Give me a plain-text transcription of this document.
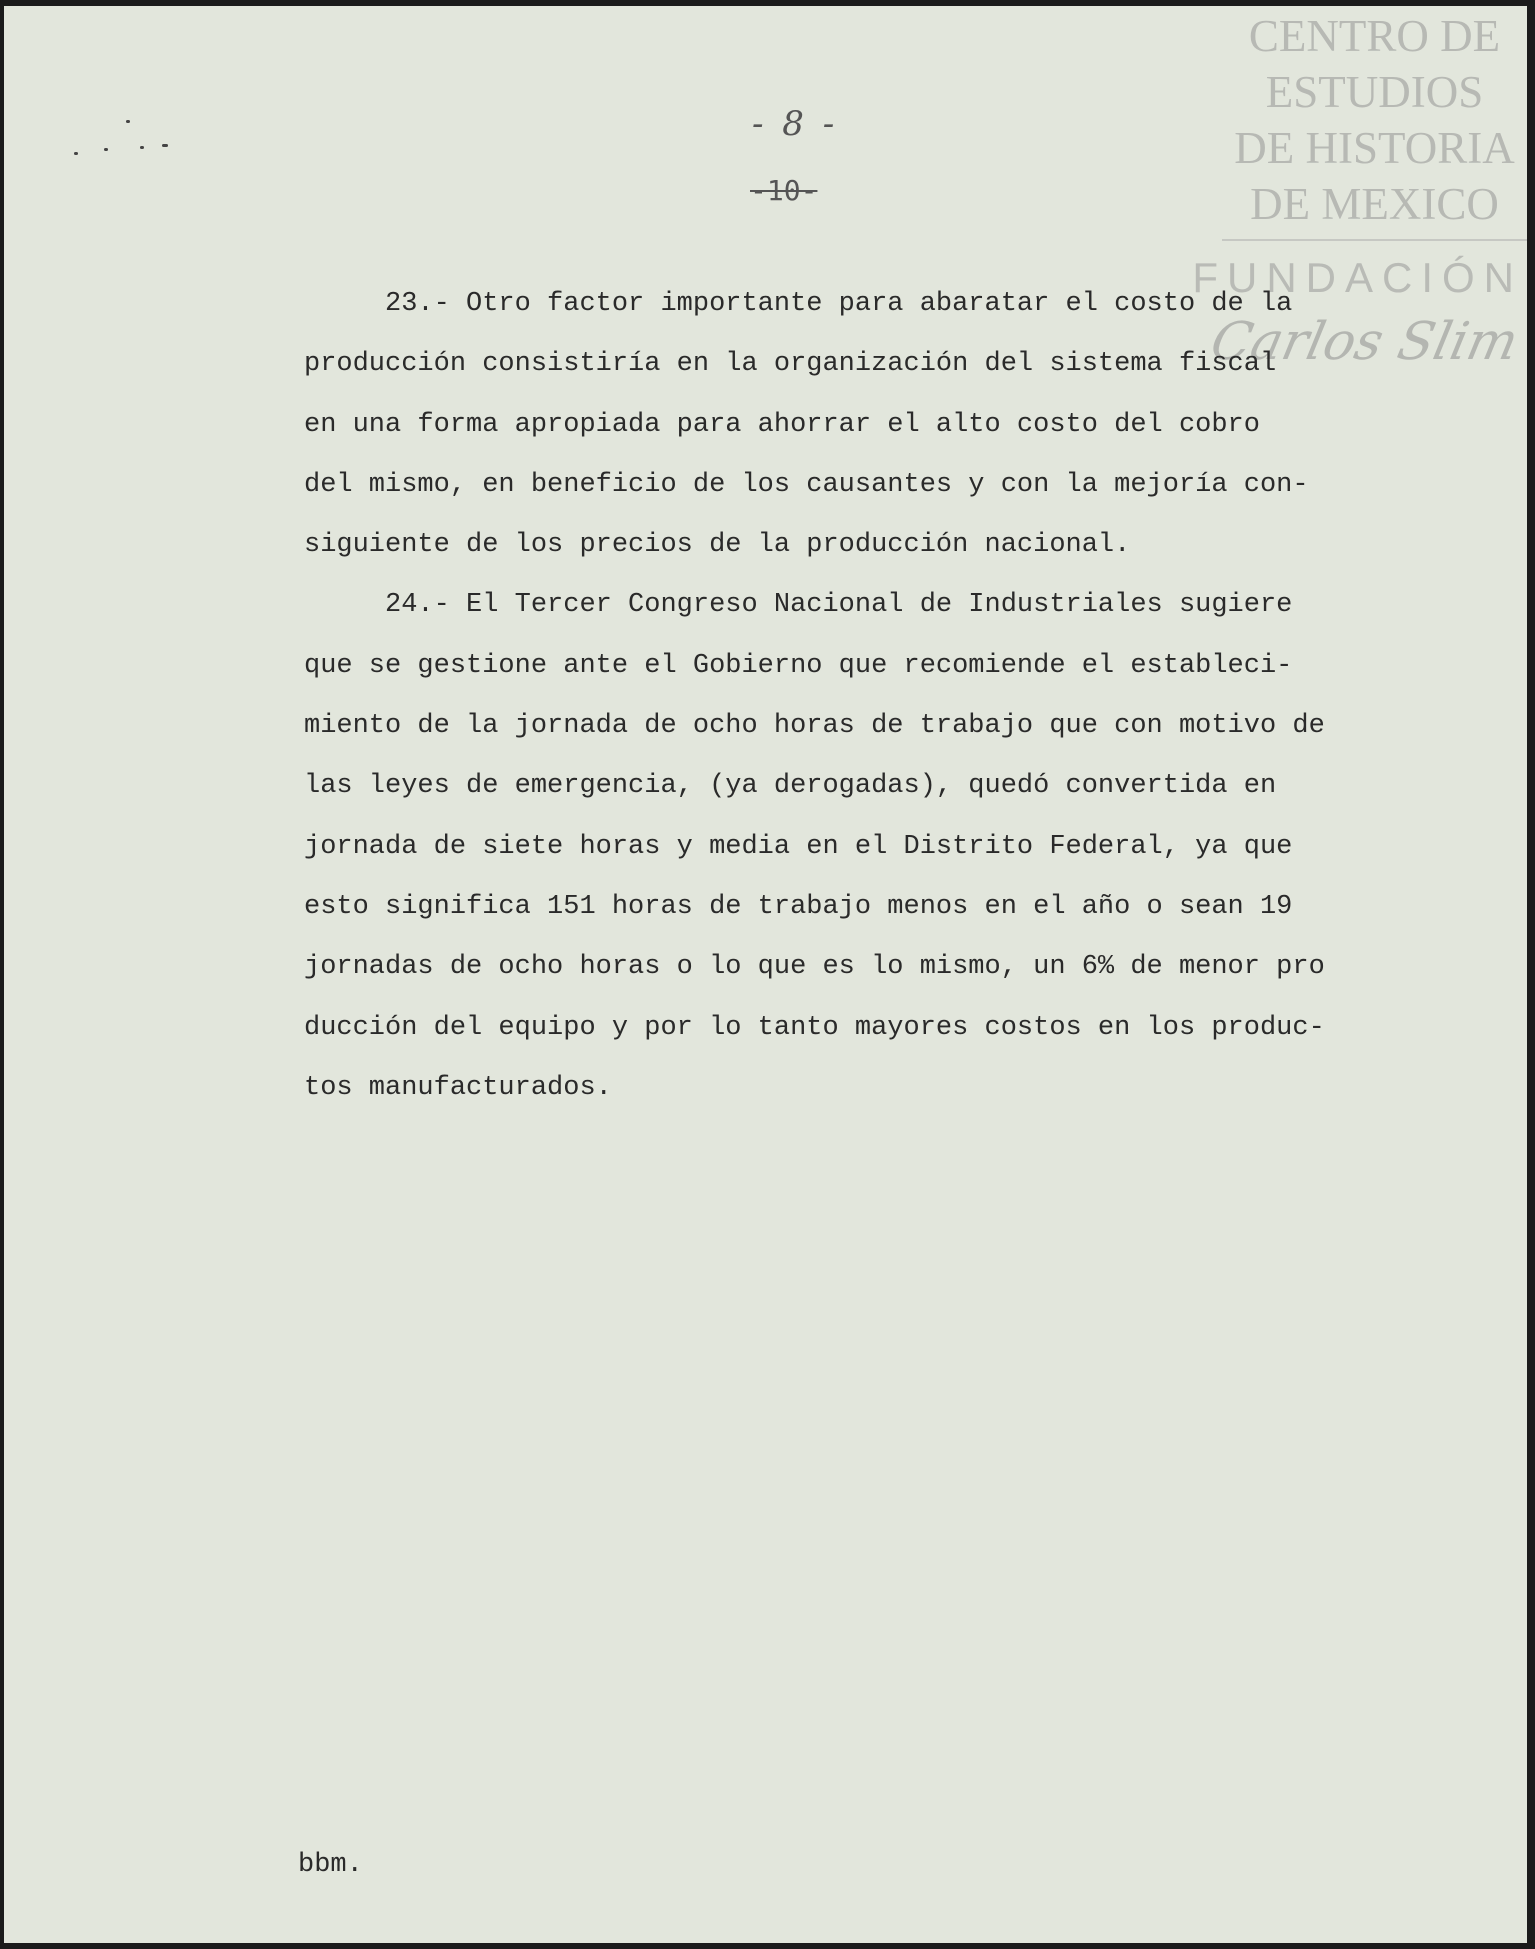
CENTRO DE
ESTUDIOS
DE HISTORIA
DE MEXICO
FUNDACIÓN
Carlos Slim
- 8 -
-10-
23.- Otro factor importante para abaratar el costo de la
producción consistiría en la organización del sistema fiscal
en una forma apropiada para ahorrar el alto costo del cobro
del mismo, en beneficio de los causantes y con la mejoría con-
siguiente de los precios de la producción nacional.
24.- El Tercer Congreso Nacional de Industriales sugiere
que se gestione ante el Gobierno que recomiende el estableci-
miento de la jornada de ocho horas de trabajo que con motivo de
las leyes de emergencia, (ya derogadas), quedó convertida en
jornada de siete horas y media en el Distrito Federal, ya que
esto significa 151 horas de trabajo menos en el año o sean 19
jornadas de ocho horas o lo que es lo mismo, un 6% de menor pro
ducción del equipo y por lo tanto mayores costos en los produc-
tos manufacturados.
bbm.
